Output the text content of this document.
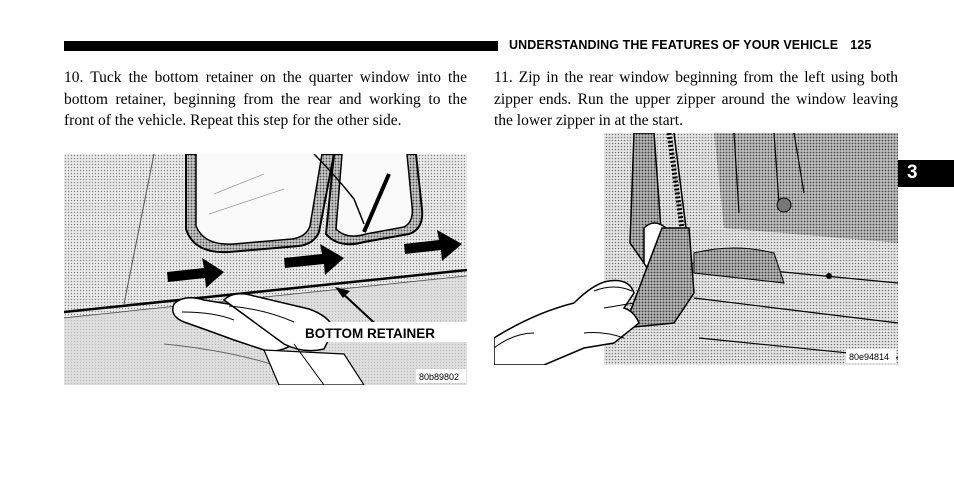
UNDERSTANDING THE FEATURES OF YOUR VEHICLE 125

10. Tuck the bottom retainer on the quarter window into the bottom retainer, beginning from the rear and working to the front of the vehicle. Repeat this step for the other side.

11. Zip in the rear window beginning from the left using both zipper ends. Run the upper zipper around the window leaving the lower zipper in at the start.

BOTTOM RETAINER
80b89802
80e94814
3
